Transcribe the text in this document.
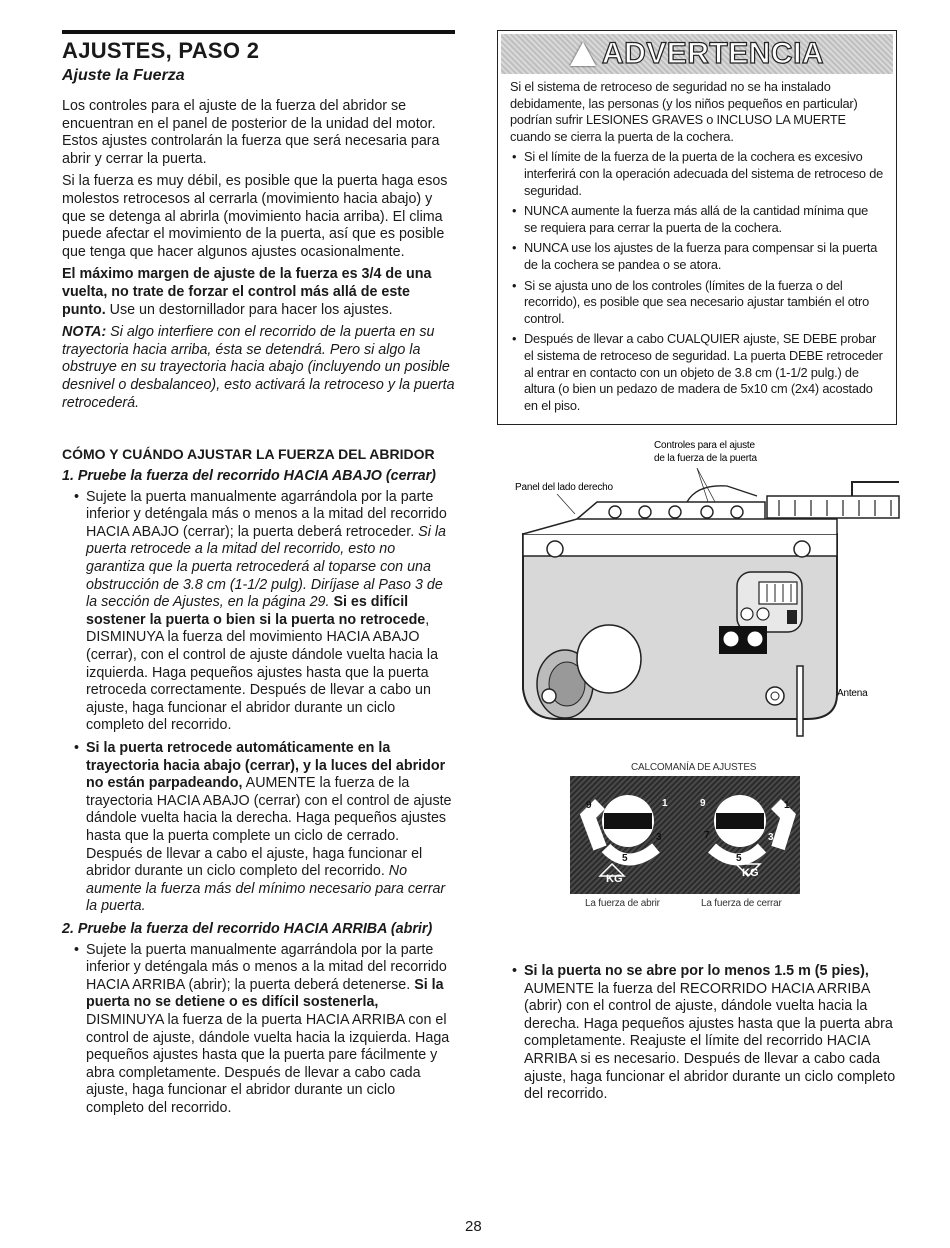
AJUSTES, PASO 2
Ajuste la Fuerza

Los controles para el ajuste de la fuerza del abridor se encuentran en el panel de posterior de la unidad del motor. Estos ajustes controlarán la fuerza que será necesaria para abrir y cerrar la puerta.

Si la fuerza es muy débil, es posible que la puerta haga esos molestos retrocesos al cerrarla (movimiento hacia abajo) y que se detenga al abrirla (movimiento hacia arriba). El clima puede afectar el movimiento de la puerta, así que es posible que tenga que hacer algunos ajustes ocasionalmente.

El máximo margen de ajuste de la fuerza es 3/4 de una vuelta, no trate de forzar el control más allá de este punto. Use un destornillador para hacer los ajustes.

NOTA: Si algo interfiere con el recorrido de la puerta en su trayectoria hacia arriba, ésta se detendrá. Pero si algo la obstruye en su trayectoria hacia abajo (incluyendo un posible desnivel o desbalanceo), esto activará la retroceso y la puerta retrocederá.

CÓMO Y CUÁNDO AJUSTAR LA FUERZA DEL ABRIDOR
1. Pruebe la fuerza del recorrido HACIA ABAJO (cerrar)
• Sujete la puerta manualmente agarrándola por la parte inferior y deténgala más o menos a la mitad del recorrido HACIA ABAJO (cerrar); la puerta deberá retroceder. Si la puerta retrocede a la mitad del recorrido, esto no garantiza que la puerta retrocederá al toparse con una obstrucción de 3.8 cm (1-1/2 pulg). Diríjase al Paso 3 de la sección de Ajustes, en la página 29. Si es difícil sostener la puerta o bien si la puerta no retrocede, DISMINUYA la fuerza del movimiento HACIA ABAJO (cerrar), con el control de ajuste dándole vuelta hacia la izquierda. Haga pequeños ajustes hasta que la puerta retroceda correctamente. Después de llevar a cabo un ajuste, haga funcionar el abridor durante un ciclo completo del recorrido.
• Si la puerta retrocede automáticamente en la trayectoria hacia abajo (cerrar), y la luces del abridor no están parpadeando, AUMENTE la fuerza de la trayectoria HACIA ABAJO (cerrar) con el control de ajuste dándole vuelta hacia la derecha. Haga pequeños ajustes hasta que la puerta complete un ciclo de cerrado. Después de llevar a cabo el ajuste, haga funcionar el abridor durante un ciclo completo del recorrido. No aumente la fuerza más del mínimo necesario para cerrar la puerta.
2. Pruebe la fuerza del recorrido HACIA ARRIBA (abrir)
• Sujete la puerta manualmente agarrándola por la parte inferior y deténgala más o menos a la mitad del recorrido HACIA ARRIBA (abrir); la puerta deberá detenerse. Si la puerta no se detiene o es difícil sostenerla, DISMINUYA la fuerza de la puerta HACIA ARRIBA con el control de ajuste, dándole vuelta hacia la izquierda. Haga pequeños ajustes hasta que la puerta pare fácilmente y abra completamente. Después de llevar a cabo cada ajuste, haga funcionar el abridor durante un ciclo completo del recorrido.
ADVERTENCIA

Si el sistema de retroceso de seguridad no se ha instalado debidamente, las personas (y los niños pequeños en particular) podrían sufrir LESIONES GRAVES o INCLUSO LA MUERTE cuando se cierra la puerta de la cochera.

• Si el límite de la fuerza de la puerta de la cochera es excesivo interferirá con la operación adecuada del sistema de retroceso de seguridad.
• NUNCA aumente la fuerza más allá de la cantidad mínima que se requiera para cerrar la puerta de la cochera.
• NUNCA use los ajustes de la fuerza para compensar si la puerta de la cochera se pandea o se atora.
• Si se ajusta uno de los controles (límites de la fuerza o del recorrido), es posible que sea necesario ajustar también el otro control.
• Después de llevar a cabo CUALQUIER ajuste, SE DEBE probar el sistema de retroceso de seguridad. La puerta DEBE retroceder al entrar en contacto con un objeto de 3.8 cm (1-1/2 pulg.) de altura (o bien un pedazo de madera de 5x10 cm (2x4) acostado en el piso.
Controles para el ajuste
de la fuerza de la puerta
Panel del lado derecho
Antena
CALCOMANÍA DE AJUSTES
9	1
7	3
5
KG
9	1
7	3
5
KG
La fuerza de abrir	La fuerza de cerrar
• Si la puerta no se abre por lo menos 1.5 m (5 pies), AUMENTE la fuerza del RECORRIDO HACIA ARRIBA (abrir) con el control de ajuste, dándole vuelta hacia la derecha. Haga pequeños ajustes hasta que la puerta abra completamente. Reajuste el límite del recorrido HACIA ARRIBA si es necesario. Después de llevar a cabo cada ajuste, haga funcionar el abridor durante un ciclo completo del recorrido.
28
